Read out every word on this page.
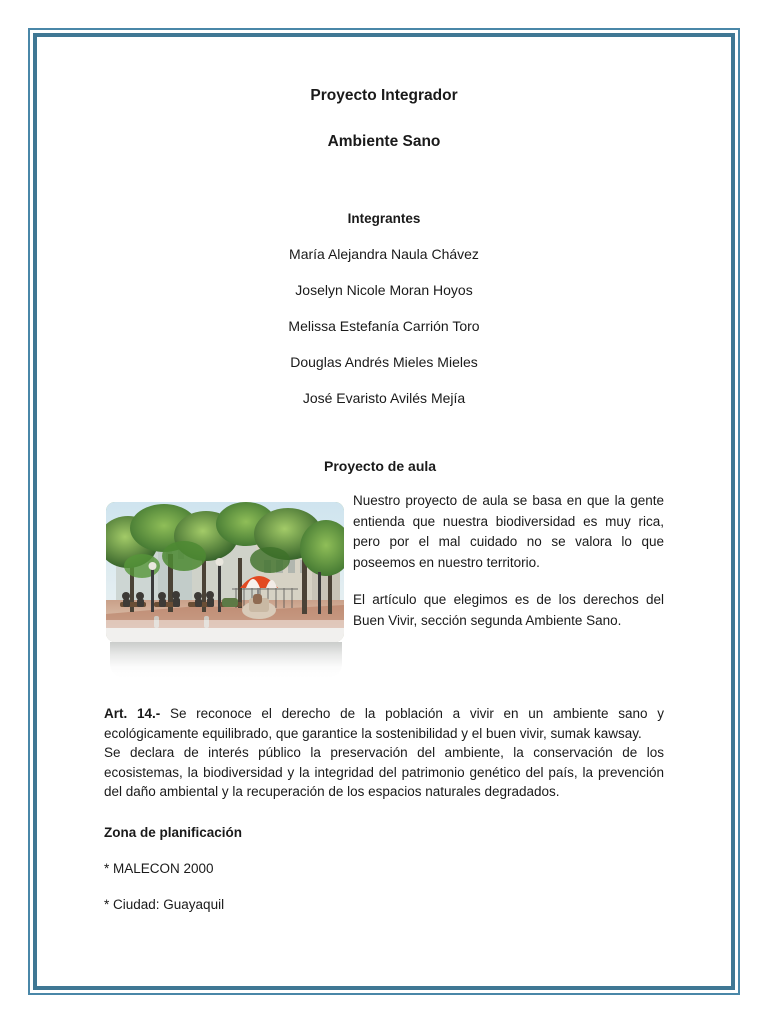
Proyecto Integrador
Ambiente Sano
Integrantes
María Alejandra Naula Chávez
Joselyn Nicole Moran Hoyos
Melissa Estefanía Carrión Toro
Douglas Andrés Mieles Mieles
José Evaristo Avilés Mejía
Proyecto de aula

Nuestro proyecto de aula se basa en que la gente entienda que nuestra biodiversidad es muy rica, pero por el mal cuidado no se valora lo que poseemos en nuestro territorio.

El artículo que elegimos es de los derechos del Buen Vivir, sección segunda Ambiente Sano.

Art. 14.- Se reconoce el derecho de la población a vivir en un ambiente sano y ecológicamente equilibrado, que garantice la sostenibilidad y el buen vivir, sumak kawsay.

Se declara de interés público la preservación del ambiente, la conservación de los ecosistemas, la biodiversidad y la integridad del patrimonio genético del país, la prevención del daño ambiental y la recuperación de los espacios naturales degradados.

Zona de planificación
* MALECON 2000
* Ciudad: Guayaquil
